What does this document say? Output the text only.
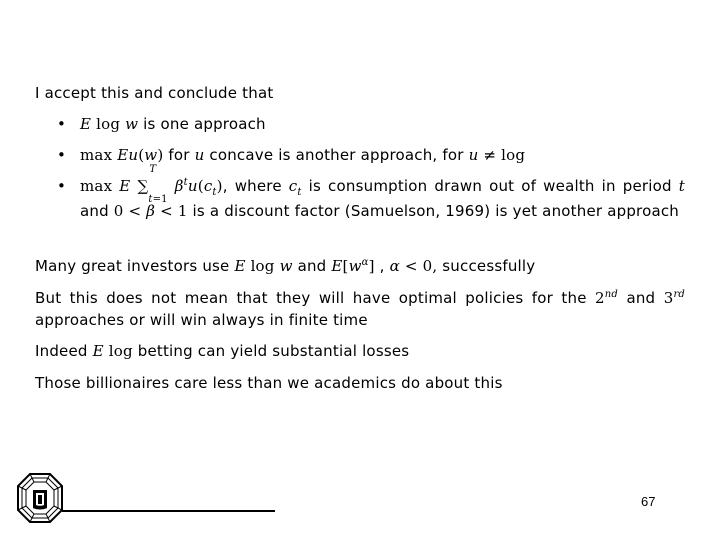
I accept this and conclude that
• E log w is one approach
• max Eu(w) for u concave is another approach, for u ≠ log
• max E ∑
T
$_{t=1}$ $\beta^tu(c_t)$, where $c_t$ is consumption drawn out of wealth in period t and 0 < β < 1 is a discount factor (Samuelson, 1969) is yet another approach
Many great investors use E log w and $E[w^\alpha]$ , α < 0, successfully
But this does not mean that they will have optimal policies for the 2nd and 3rd approaches or will win always in finite time
Indeed E log betting can yield substantial losses
Those billionaires care less than we academics do about this
67
